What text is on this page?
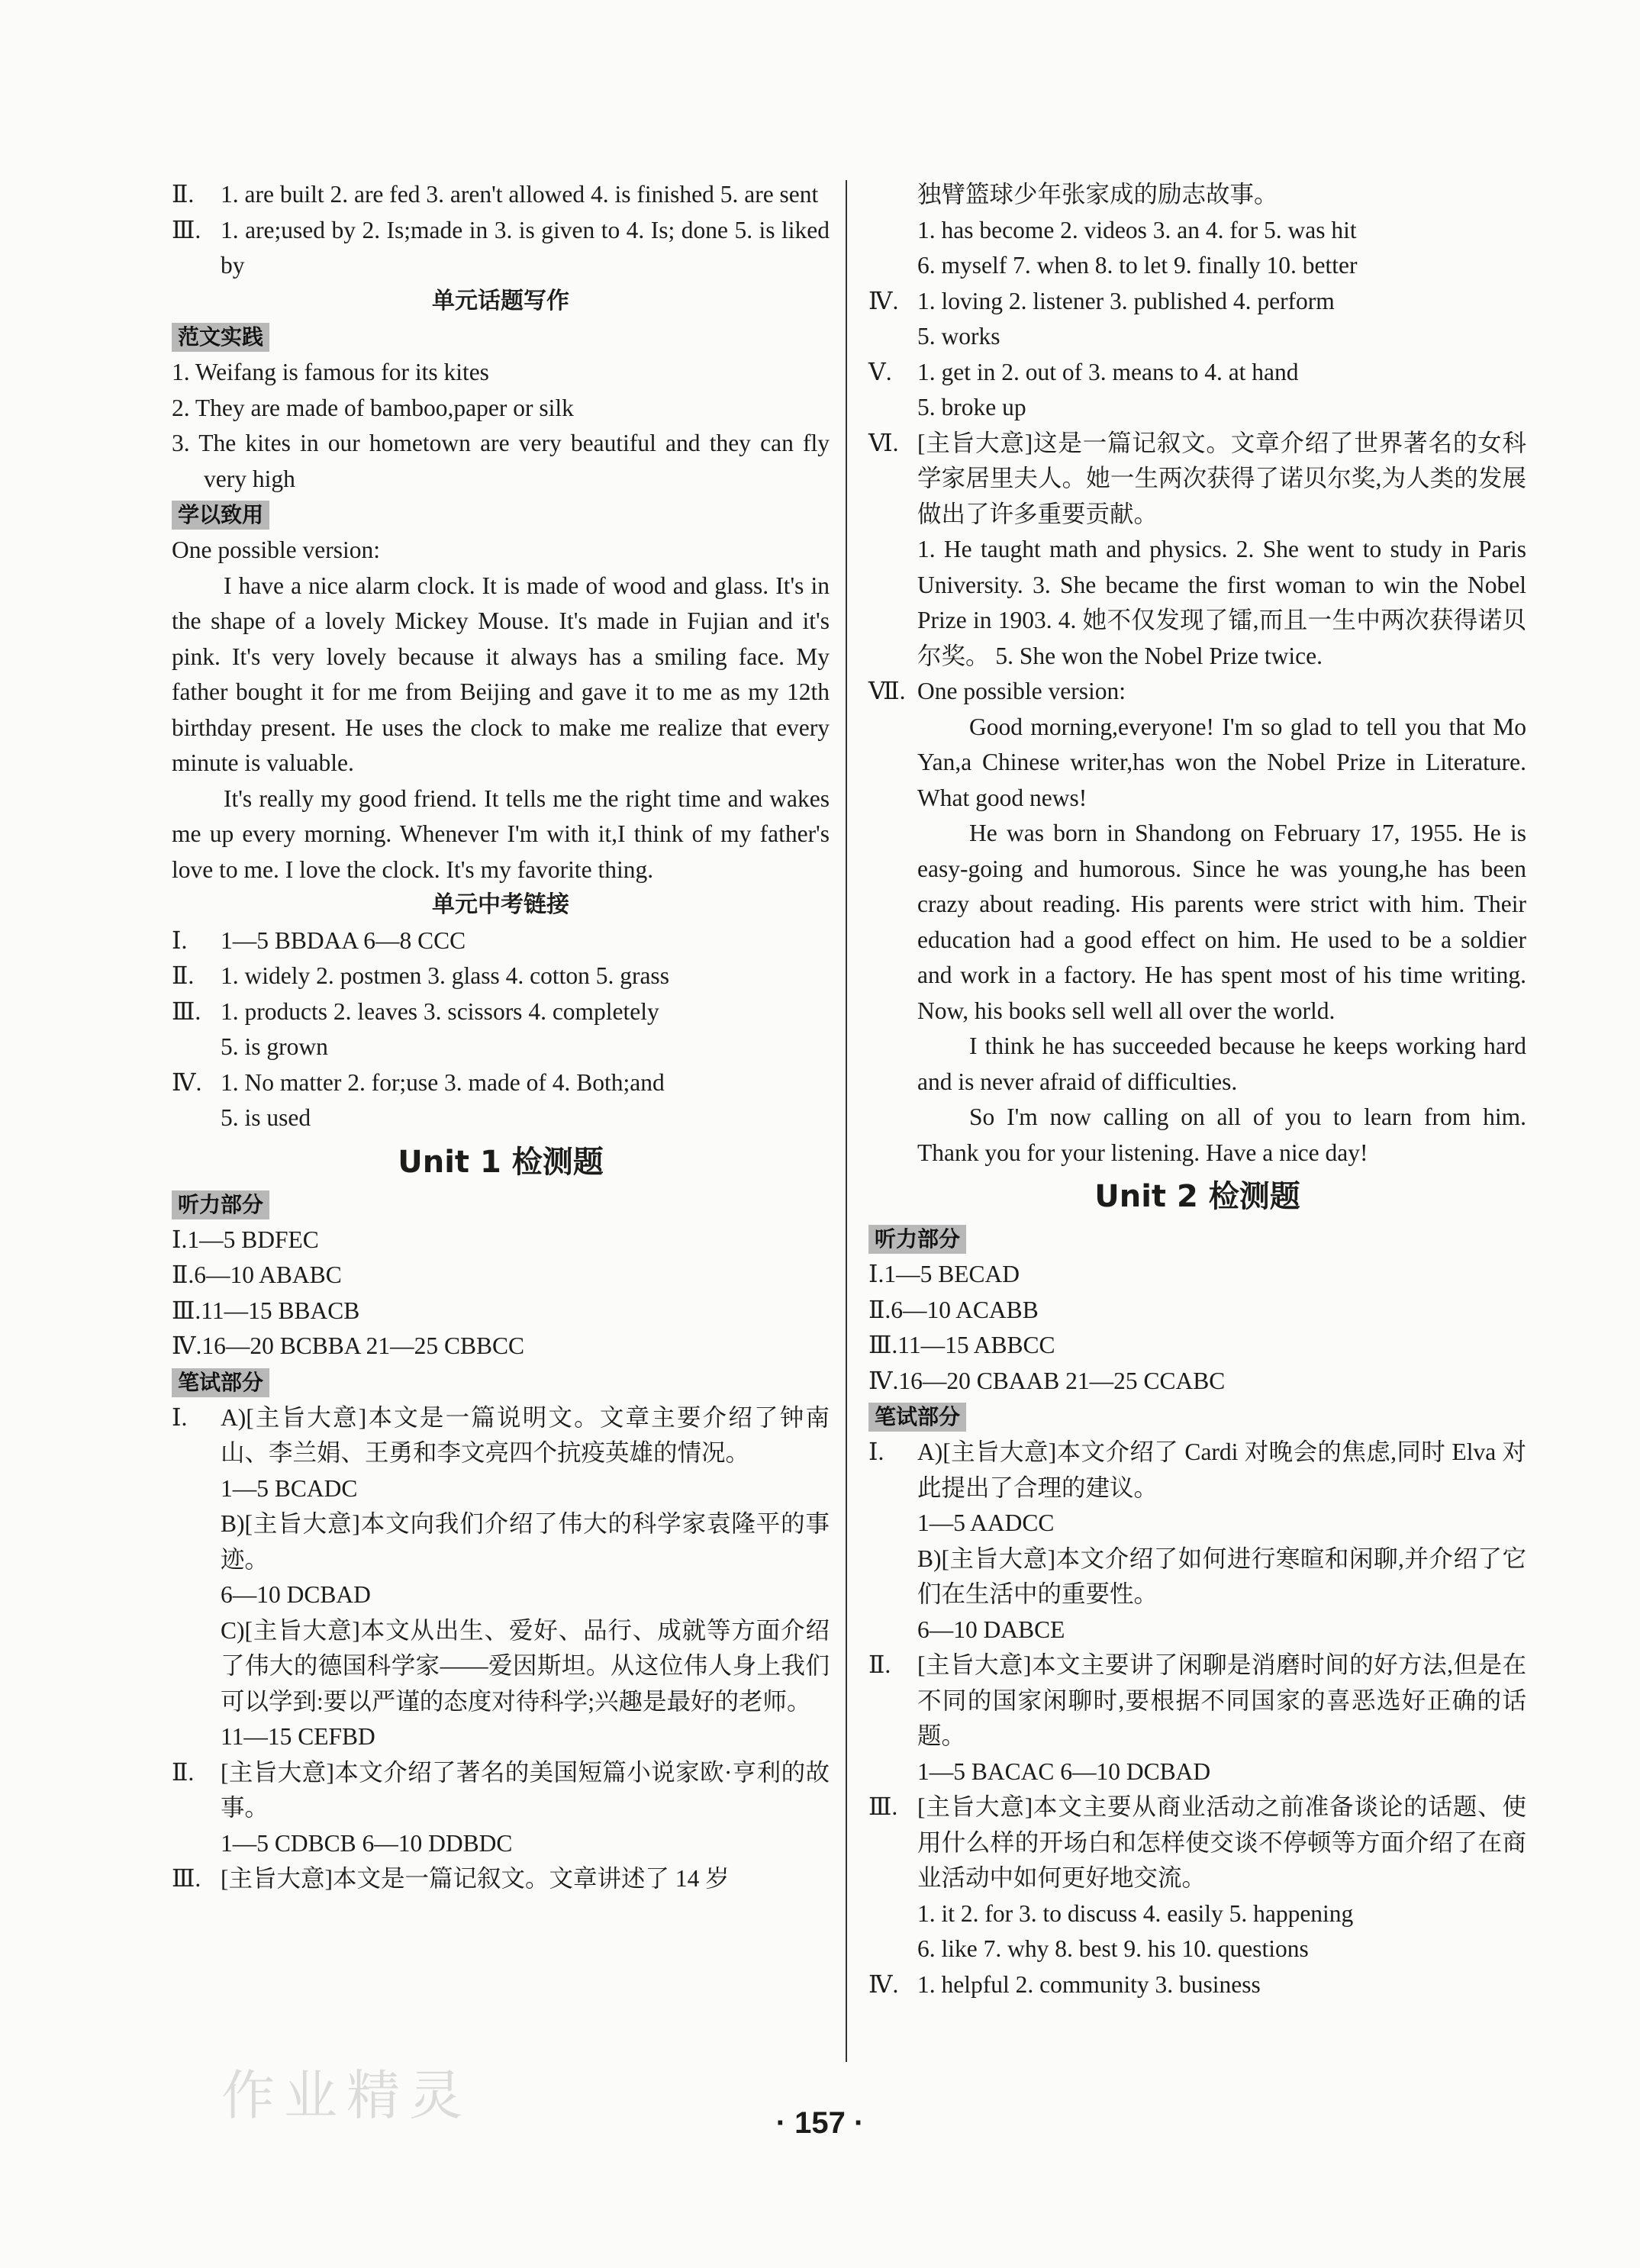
Ⅱ.	1. are built 2. are fed 3. aren't allowed 4. is finished 5. are sent
Ⅲ. 1. are;used by 2. Is;made in 3. is given to 4. Is; done 5. is liked by
单元话题写作
范文实践

1. Weifang is famous for its kites

2. They are made of bamboo,paper or silk

3. The kites in our hometown are very beautiful and they can fly very high

学以致用

One possible version:

I have a nice alarm clock. It is made of wood and glass. It's in the shape of a lovely Mickey Mouse. It's made in Fujian and it's pink. It's very lovely because it always has a smiling face. My father bought it for me from Beijing and gave it to me as my 12th birthday present. He uses the clock to make me realize that every minute is valuable.

It's really my good friend. It tells me the right time and wakes me up every morning. Whenever I'm with it,I think of my father's love to me. I love the clock. It's my favorite thing.

单元中考链接
Ⅰ.	1—5 BBDAA 6—8 CCC
Ⅱ.	1. widely 2. postmen 3. glass 4. cotton 5. grass
Ⅲ. 1. products 2. leaves 3. scissors 4. completely

5. is grown

Ⅳ. 1. No matter 2. for;use 3. made of 4. Both;and

5. is used

Unit 1 检测题
听力部分

Ⅰ.1—5 BDFEC

Ⅱ.6—10 ABABC

Ⅲ.11—15 BBACB

Ⅳ.16—20 BCBBA 21—25 CBBCC

笔试部分
Ⅰ.	A)[主旨大意]本文是一篇说明文。文章主要介绍了钟南山、李兰娟、王勇和李文亮四个抗疫英雄的情况。

1—5 BCADC

B)[主旨大意]本文向我们介绍了伟大的科学家袁隆平的事迹。

6—10 DCBAD

C)[主旨大意]本文从出生、爱好、品行、成就等方面介绍了伟大的德国科学家——爱因斯坦。从这位伟人身上我们可以学到:要以严谨的态度对待科学;兴趣是最好的老师。

11—15 CEFBD

Ⅱ.	[主旨大意]本文介绍了著名的美国短篇小说家欧·亨利的故事。

1—5 CDBCB 6—10 DDBDC

Ⅲ. [主旨大意]本文是一篇记叙文。文章讲述了 14 岁

独臂篮球少年张家成的励志故事。

1. has become 2. videos 3. an 4. for 5. was hit

6. myself 7. when 8. to let 9. finally 10. better

Ⅳ. 1. loving 2. listener 3. published 4. perform

5. works

Ⅴ.	1. get in 2. out of 3. means to 4. at hand

5. broke up

Ⅵ. [主旨大意]这是一篇记叙文。文章介绍了世界著名的女科学家居里夫人。她一生两次获得了诺贝尔奖,为人类的发展做出了许多重要贡献。

1. He taught math and physics. 2. She went to study in Paris University. 3. She became the first woman to win the Nobel Prize in 1903. 4. 她不仅发现了镭,而且一生中两次获得诺贝尔奖。 5. She won the Nobel Prize twice.

Ⅶ. One possible version:

Good morning,everyone! I'm so glad to tell you that Mo Yan,a Chinese writer,has won the Nobel Prize in Literature. What good news!

He was born in Shandong on February 17, 1955. He is easy-going and humorous. Since he was young,he has been crazy about reading. His parents were strict with him. Their education had a good effect on him. He used to be a soldier and work in a factory. He has spent most of his time writing. Now, his books sell well all over the world.

I think he has succeeded because he keeps working hard and is never afraid of difficulties.

So I'm now calling on all of you to learn from him. Thank you for your listening. Have a nice day!

Unit 2 检测题
听力部分

Ⅰ.1—5 BECAD

Ⅱ.6—10 ACABB

Ⅲ.11—15 ABBCC

Ⅳ.16—20 CBAAB 21—25 CCABC

笔试部分
Ⅰ.	A)[主旨大意]本文介绍了 Cardi 对晚会的焦虑,同时 Elva 对此提出了合理的建议。

1—5 AADCC

B)[主旨大意]本文介绍了如何进行寒暄和闲聊,并介绍了它们在生活中的重要性。

6—10 DABCE

Ⅱ.	[主旨大意]本文主要讲了闲聊是消磨时间的好方法,但是在不同的国家闲聊时,要根据不同国家的喜恶选好正确的话题。

1—5 BACAC 6—10 DCBAD

Ⅲ. [主旨大意]本文主要从商业活动之前准备谈论的话题、使用什么样的开场白和怎样使交谈不停顿等方面介绍了在商业活动中如何更好地交流。

1. it 2. for 3. to discuss 4. easily 5. happening

6. like 7. why 8. best 9. his 10. questions

Ⅳ. 1. helpful 2. community 3. business
作业精灵	· 157 ·
